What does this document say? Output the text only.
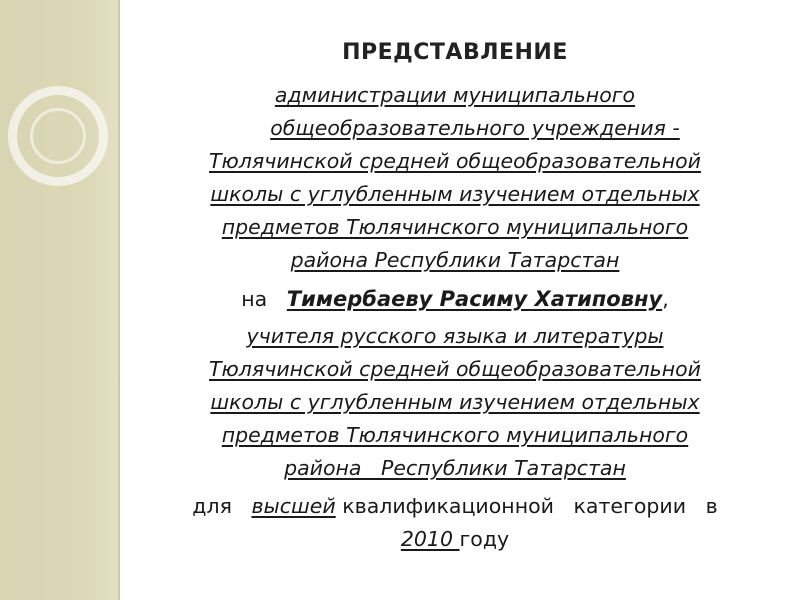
ПРЕДСТАВЛЕНИЕ
администрации муниципального
общеобразовательного учреждения -
Тюлячинской средней общеобразовательной
школы с углубленным изучением отдельных
предметов Тюлячинского муниципального
района Республики Татарстан
на Тимербаеву Расиму Хатиповну,
учителя русского языка и литературы
Тюлячинской средней общеобразовательной
школы с углубленным изучением отдельных
предметов Тюлячинского муниципального
района   Республики Татарстан
для высшей квалификационной категории в
2010 году
